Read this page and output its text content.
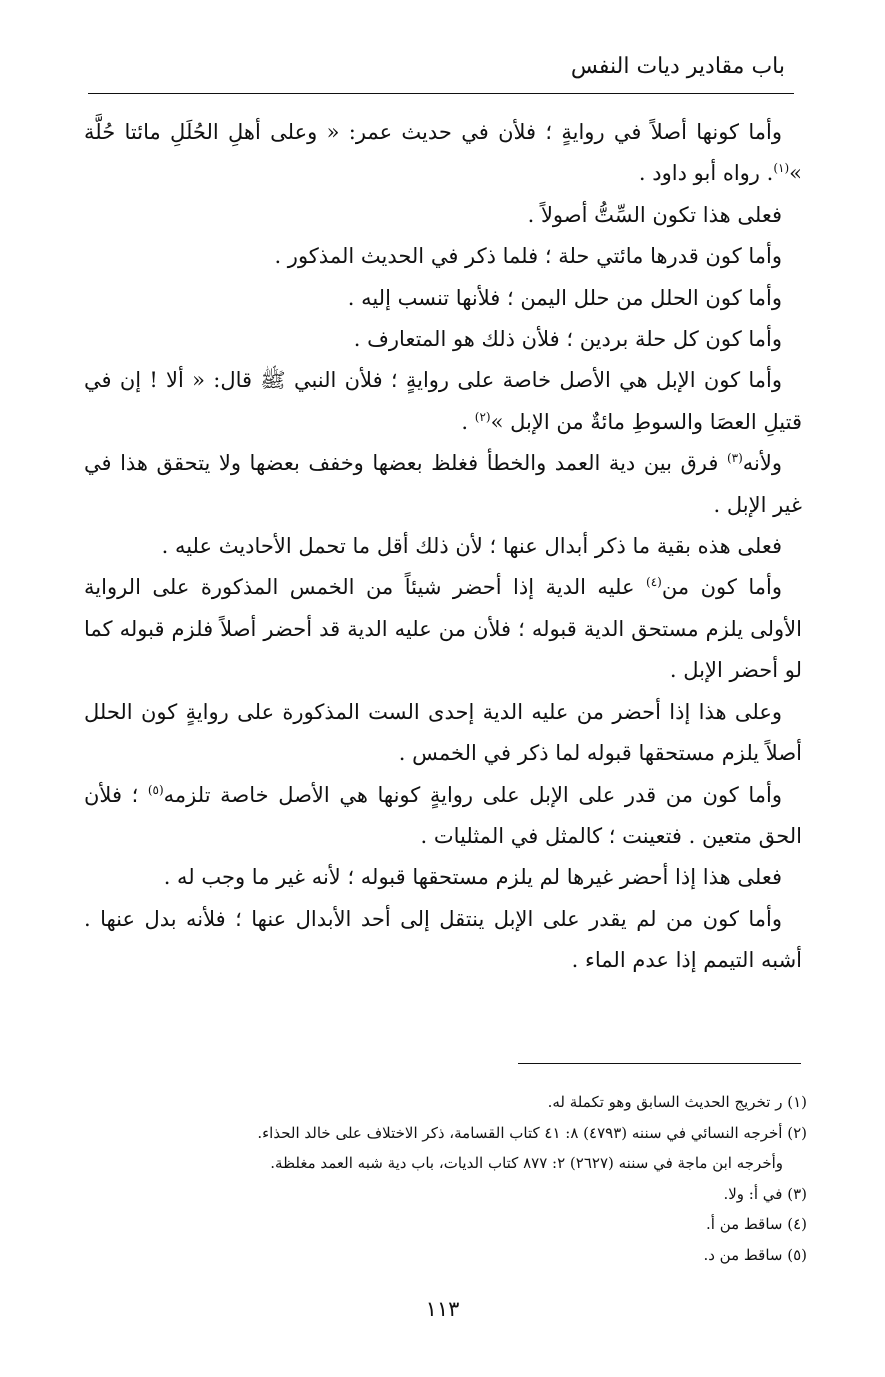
باب مقادير ديات النفس

وأما كونها أصلاً في روايةٍ ؛ فلأن في حديث عمر: « وعلى أهلِ الحُلَلِ مائتا حُلَّة »$^{(١)}$. رواه أبو داود .

فعلى هذا تكون السِّتُّ أصولاً .

وأما كون قدرها مائتي حلة ؛ فلما ذكر في الحديث المذكور .

وأما كون الحلل من حلل اليمن ؛ فلأنها تنسب إليه .

وأما كون كل حلة بردين ؛ فلأن ذلك هو المتعارف .

وأما كون الإبل هي الأصل خاصة على روايةٍ ؛ فلأن النبي ﷺ قال: « ألا ! إن في قتيلِ العصَا والسوطِ مائةٌ من الإبل »$^{(٢)}$ .

ولأنه$^{(٣)}$ فرق بين دية العمد والخطأ فغلظ بعضها وخفف بعضها ولا يتحقق هذا في غير الإبل .

فعلى هذه بقية ما ذكر أبدال عنها ؛ لأن ذلك أقل ما تحمل الأحاديث عليه .

وأما كون من$^{(٤)}$ عليه الدية إذا أحضر شيئاً من الخمس المذكورة على الرواية الأولى يلزم مستحق الدية قبوله ؛ فلأن من عليه الدية قد أحضر أصلاً فلزم قبوله كما لو أحضر الإبل .

وعلى هذا إذا أحضر من عليه الدية إحدى الست المذكورة على روايةٍ كون الحلل أصلاً يلزم مستحقها قبوله لما ذكر في الخمس .

وأما كون من قدر على الإبل على روايةٍ كونها هي الأصل خاصة تلزمه$^{(٥)}$ ؛ فلأن الحق متعين . فتعينت ؛ كالمثل في المثليات .

فعلى هذا إذا أحضر غيرها لم يلزم مستحقها قبوله ؛ لأنه غير ما وجب له .

وأما كون من لم يقدر على الإبل ينتقل إلى أحد الأبدال عنها ؛ فلأنه بدل عنها . أشبه التيمم إذا عدم الماء .

(١) ر تخريج الحديث السابق وهو تكملة له.
(٢) أخرجه النسائي في سننه (٤٧٩٣) ٨: ٤١ كتاب القسامة، ذكر الاختلاف على خالد الحذاء.
وأخرجه ابن ماجة في سننه (٢٦٢٧) ٢: ٨٧٧ كتاب الديات، باب دية شبه العمد مغلظة.
(٣) في أ: ولا.
(٤) ساقط من أ.
(٥) ساقط من د.
١١٣
